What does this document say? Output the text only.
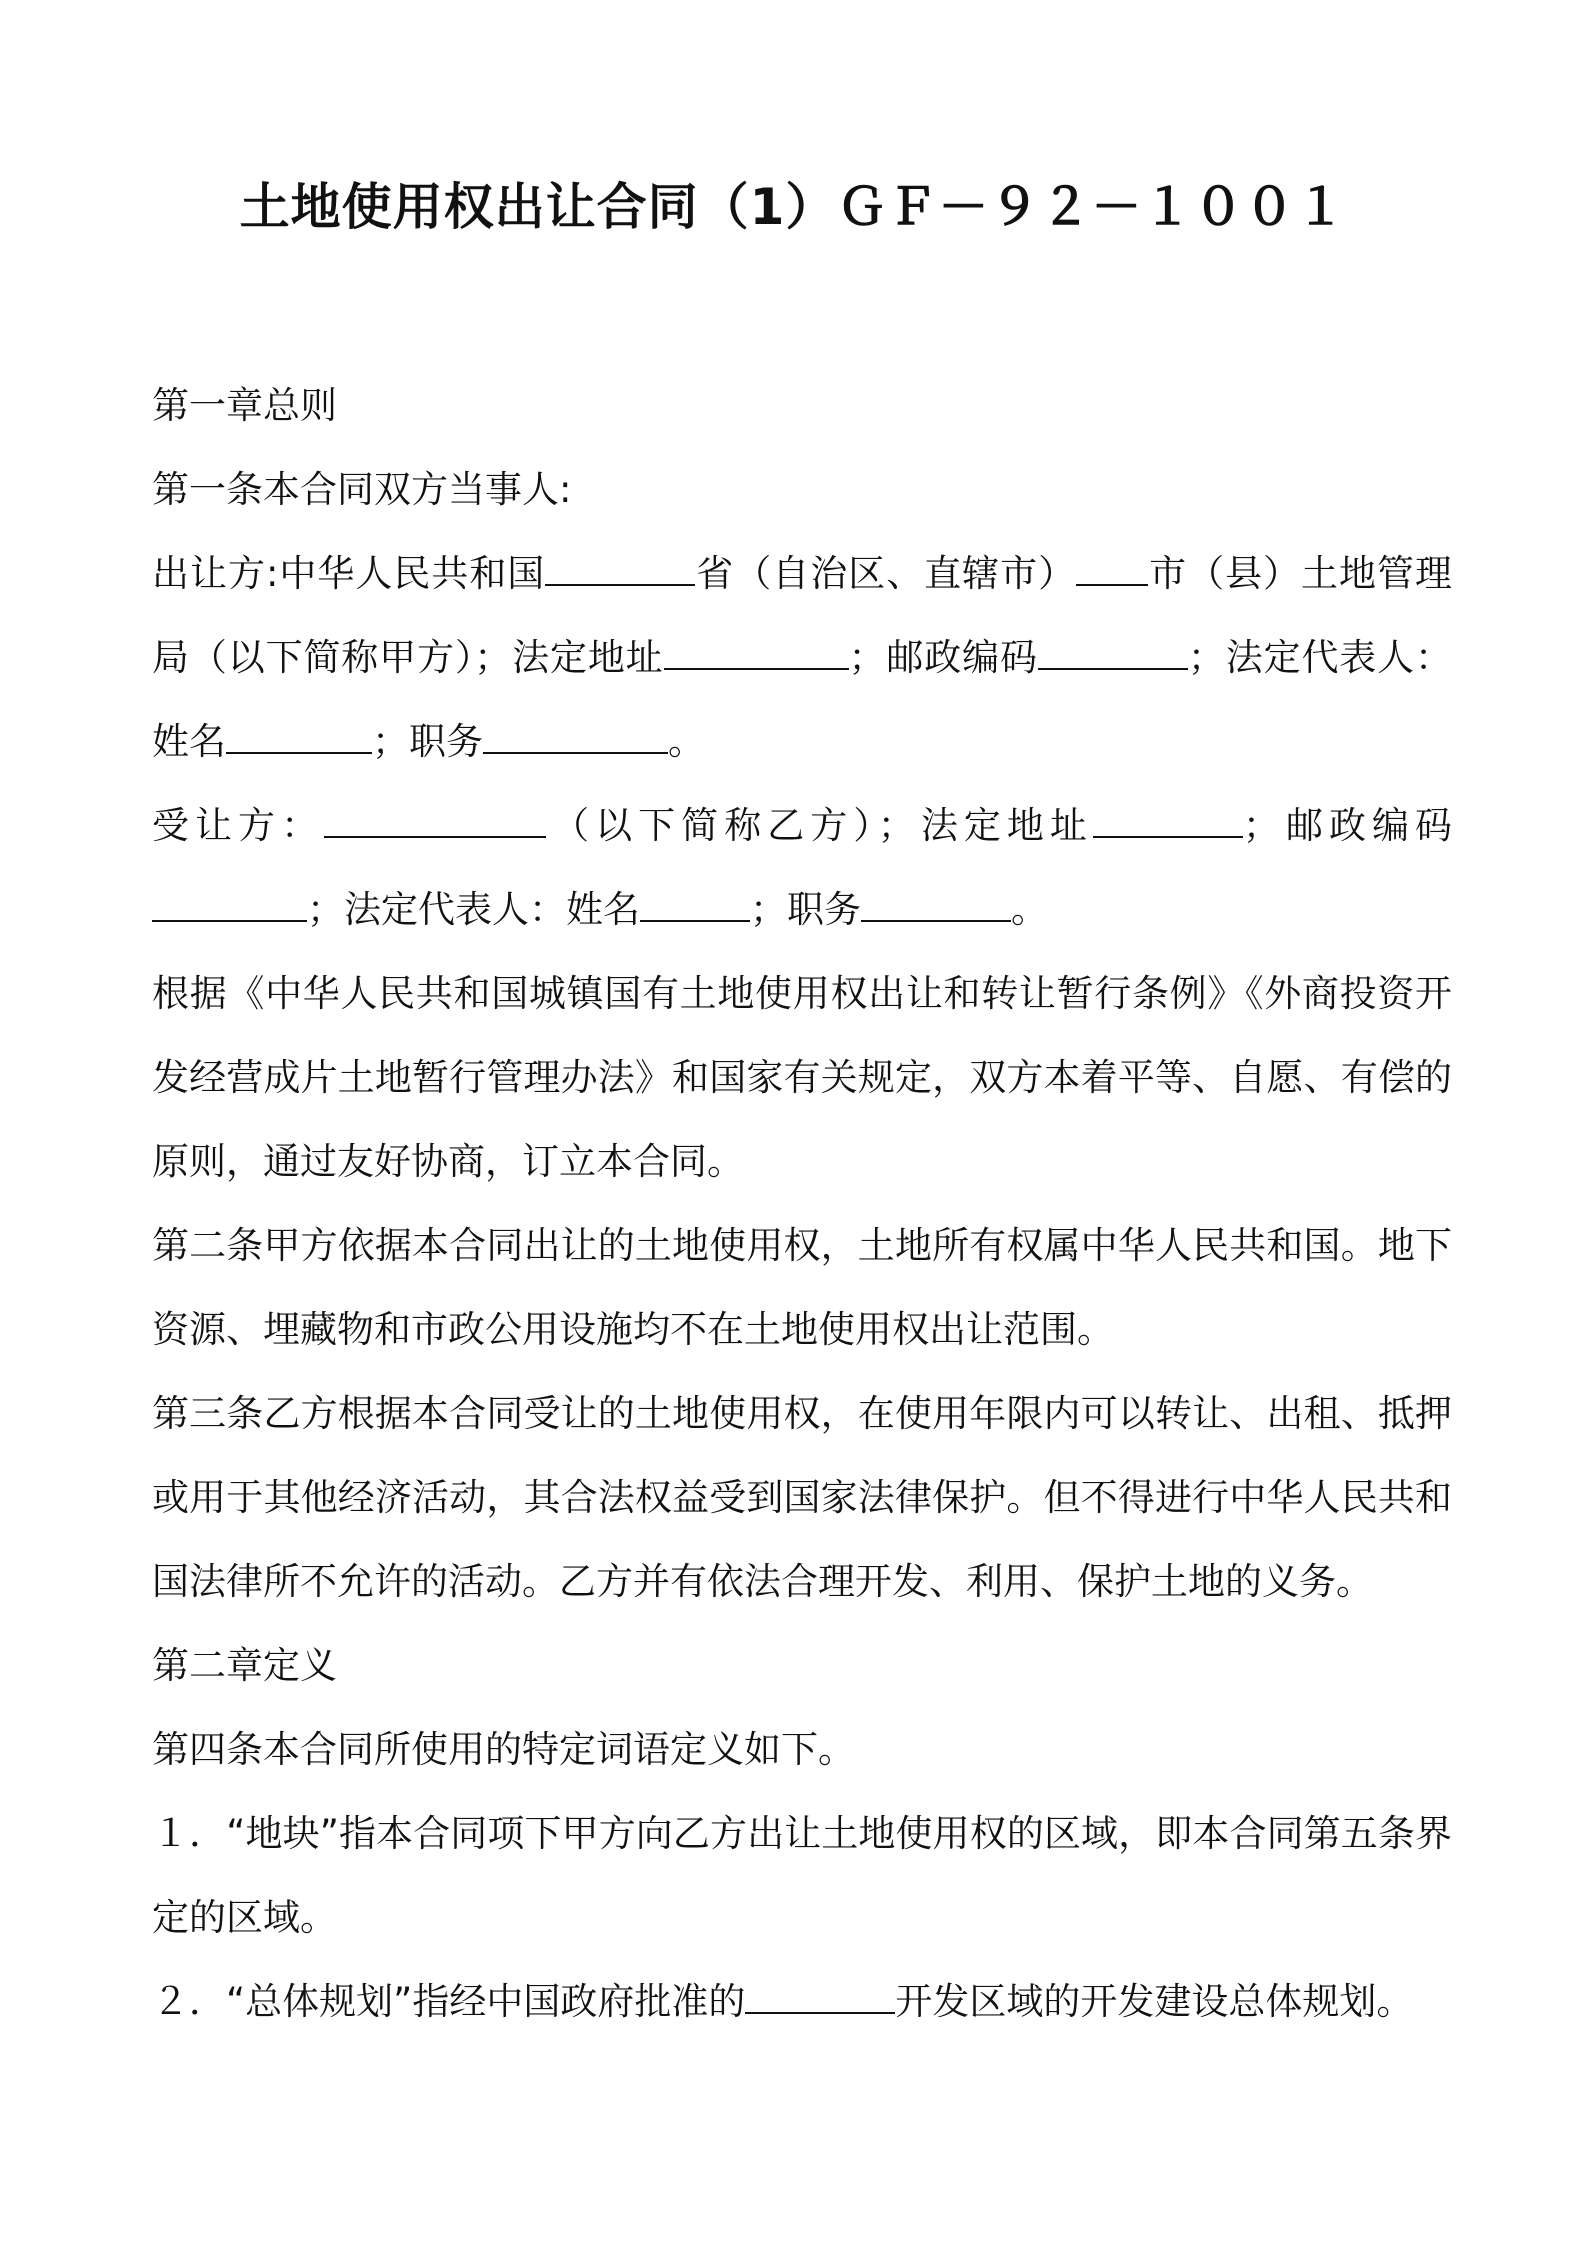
土地使用权出让合同（1）ＧＦ－９２－１００１

第一章总则

第一条本合同双方当事人:

出让方:中华人民共和国	省（自治区、直辖市） 市（县）土地管理局（以下简称甲方）；法定地址	；邮政编码	；法定代表人：姓名	；职务	。

受让方：	（以下简称乙方）；法定地址	；邮政编码；法定代表人：姓名	；职务	。

根据《中华人民共和国城镇国有土地使用权出让和转让暂行条例》《外商投资开发经营成片土地暂行管理办法》和国家有关规定，双方本着平等、自愿、有偿的原则，通过友好协商，订立本合同。

第二条甲方依据本合同出让的土地使用权，土地所有权属中华人民共和国。地下资源、埋藏物和市政公用设施均不在土地使用权出让范围。

第三条乙方根据本合同受让的土地使用权，在使用年限内可以转让、出租、抵押或用于其他经济活动，其合法权益受到国家法律保护。但不得进行中华人民共和国法律所不允许的活动。乙方并有依法合理开发、利用、保护土地的义务。

第二章定义

第四条本合同所使用的特定词语定义如下。

１．“地块”指本合同项下甲方向乙方出让土地使用权的区域，即本合同第五条界定的区域。

２．“总体规划”指经中国政府批准的	开发区域的开发建设总体规划。
